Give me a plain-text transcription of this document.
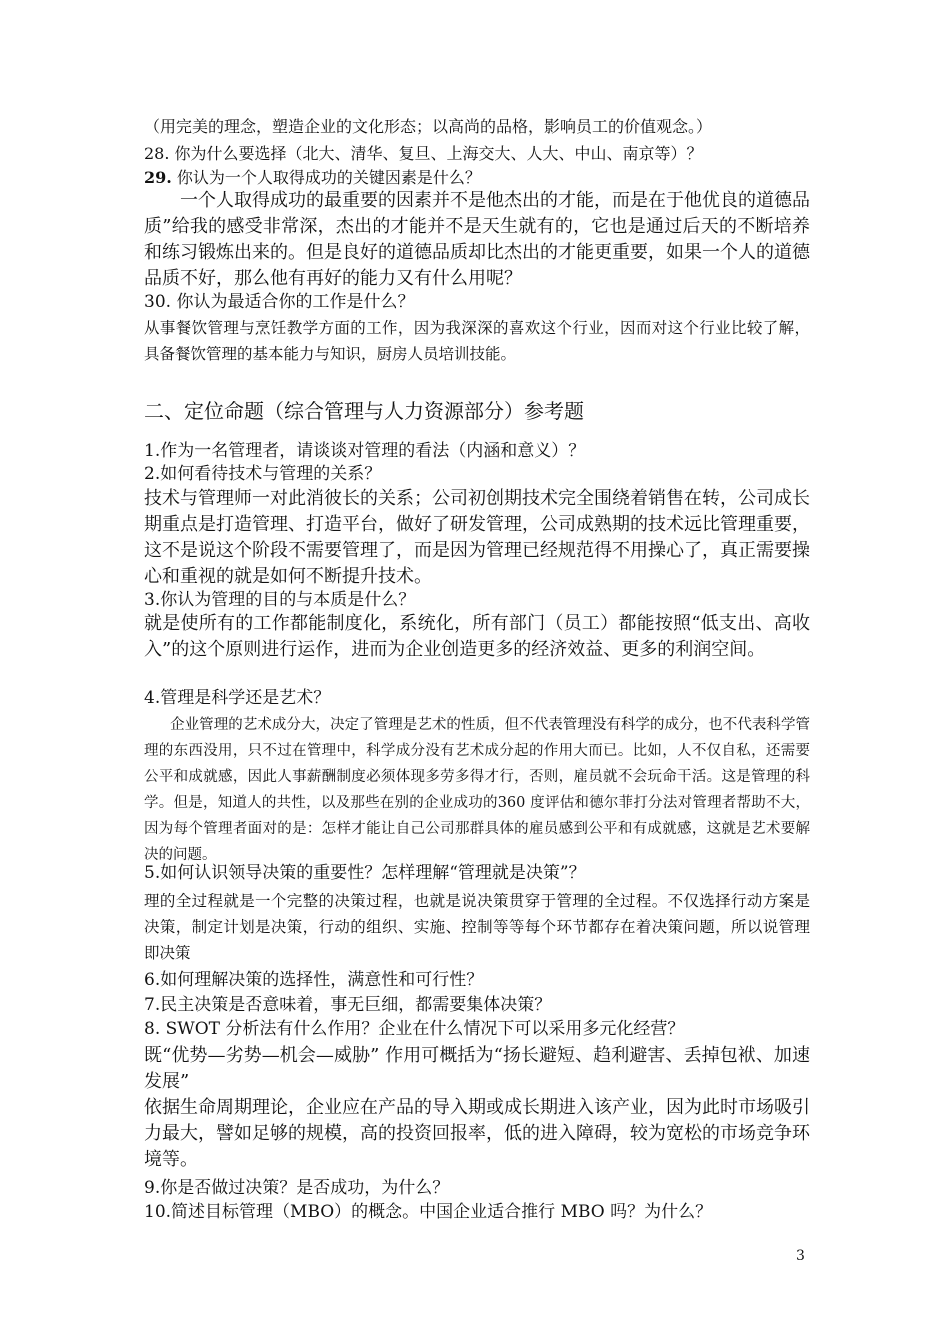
（用完美的理念，塑造企业的文化形态；以高尚的品格，影响员工的价值观念。）

28. 你为什么要选择（北大、清华、复旦、上海交大、人大、中山、南京等）？

29. 你认为一个人取得成功的关键因素是什么？

一个人取得成功的最重要的因素并不是他杰出的才能，而是在于他优良的道德品质”给我的感受非常深，杰出的才能并不是天生就有的，它也是通过后天的不断培养和练习锻炼出来的。但是良好的道德品质却比杰出的才能更重要，如果一个人的道德品质不好，那么他有再好的能力又有什么用呢？

30. 你认为最适合你的工作是什么？

从事餐饮管理与烹饪教学方面的工作，因为我深深的喜欢这个行业，因而对这个行业比较了解，具备餐饮管理的基本能力与知识，厨房人员培训技能。

二、定位命题（综合管理与人力资源部分）参考题

1.作为一名管理者，请谈谈对管理的看法（内涵和意义）？

2.如何看待技术与管理的关系？

技术与管理师一对此消彼长的关系；公司初创期技术完全围绕着销售在转，公司成长期重点是打造管理、打造平台，做好了研发管理，公司成熟期的技术远比管理重要，这不是说这个阶段不需要管理了，而是因为管理已经规范得不用操心了，真正需要操心和重视的就是如何不断提升技术。

3.你认为管理的目的与本质是什么？

就是使所有的工作都能制度化，系统化，所有部门（员工）都能按照“低支出、高收入”的这个原则进行运作，进而为企业创造更多的经济效益、更多的利润空间。

4.管理是科学还是艺术？

企业管理的艺术成分大，决定了管理是艺术的性质，但不代表管理没有科学的成分，也不代表科学管理的东西没用，只不过在管理中，科学成分没有艺术成分起的作用大而已。比如，人不仅自私，还需要公平和成就感，因此人事薪酬制度必须体现多劳多得才行，否则，雇员就不会玩命干活。这是管理的科学。但是，知道人的共性，以及那些在别的企业成功的360 度评估和德尔菲打分法对管理者帮助不大，因为每个管理者面对的是：怎样才能让自己公司那群具体的雇员感到公平和有成就感，这就是艺术要解决的问题。

5.如何认识领导决策的重要性？怎样理解“管理就是决策”？

理的全过程就是一个完整的决策过程，也就是说决策贯穿于管理的全过程。不仅选择行动方案是决策，制定计划是决策，行动的组织、实施、控制等等每个环节都存在着决策问题，所以说管理即决策

6.如何理解决策的选择性，满意性和可行性？

7.民主决策是否意味着，事无巨细，都需要集体决策？

8. SWOT 分析法有什么作用？企业在什么情况下可以采用多元化经营？

既“优势—劣势—机会—威胁” 作用可概括为“扬长避短、趋利避害、丢掉包袱、加速发展”

依据生命周期理论，企业应在产品的导入期或成长期进入该产业，因为此时市场吸引力最大，譬如足够的规模，高的投资回报率，低的进入障碍，较为宽松的市场竞争环境等。

9.你是否做过决策？是否成功，为什么？

10.简述目标管理（MBO）的概念。中国企业适合推行 MBO 吗？为什么？

3
